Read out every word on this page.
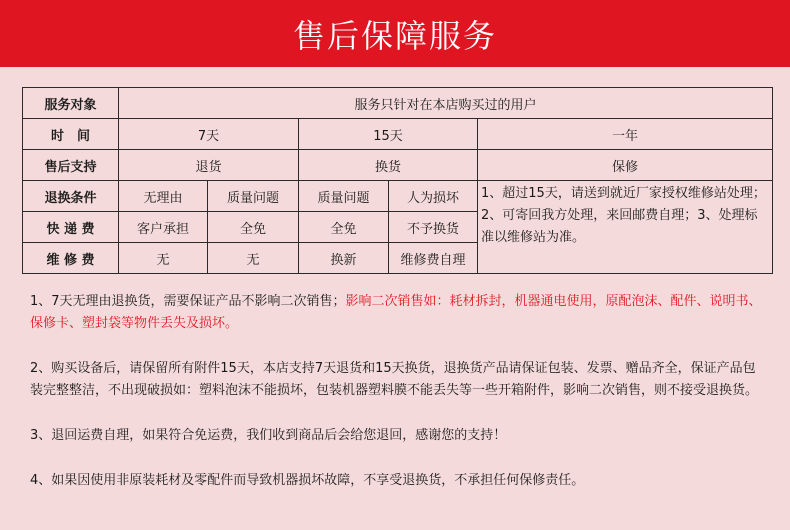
售后保障服务
服务对象	服务只针对在本店购买过的用户				
时　间	7天		15天		一年
售后支持	退货		换货		保修
退换条件	无理由	质量问题	质量问题	人为损坏	1、超过15天，请送到就近厂家授权维修站处理；2、可寄回我方处理，来回邮费自理；3、处理标准以维修站为准。
快 递 费	客户承担	全免	全免	不予换货	
维 修 费	无	无	换新	维修费自理	

1、7天无理由退换货，需要保证产品不影响二次销售；影响二次销售如：耗材拆封，机器通电使用，原配泡沫、配件、说明书、保修卡、塑封袋等物件丢失及损坏。

2、购买设备后，请保留所有附件15天，本店支持7天退货和15天换货，退换货产品请保证包装、发票、赠品齐全，保证产品包装完整整洁，不出现破损如：塑料泡沫不能损坏，包装机器塑料膜不能丢失等一些开箱附件，影响二次销售，则不接受退换货。

3、退回运费自理，如果符合免运费，我们收到商品后会给您退回，感谢您的支持！

4、如果因使用非原装耗材及零配件而导致机器损坏故障，不享受退换货，不承担任何保修责任。
